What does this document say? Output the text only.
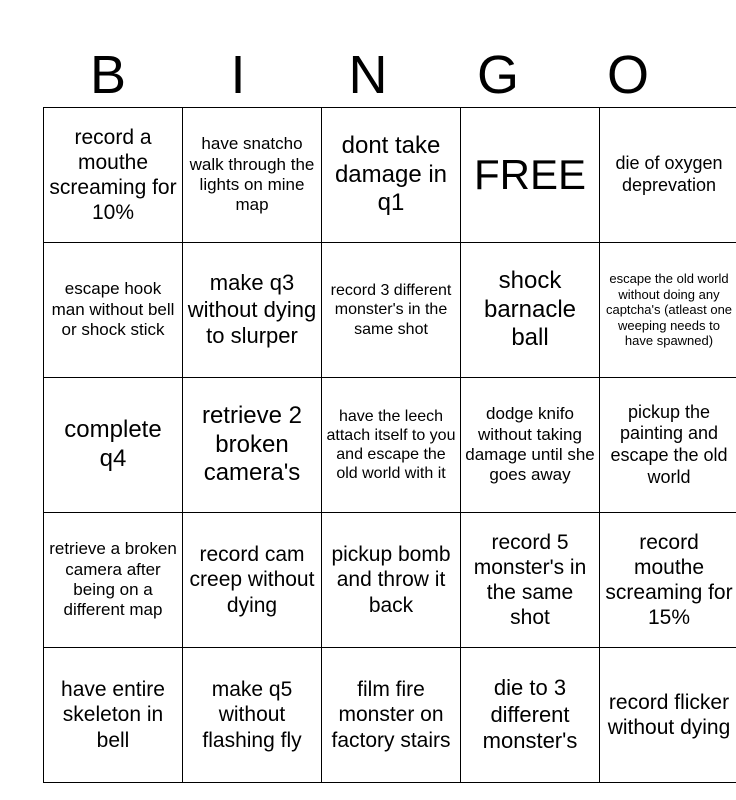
B	I	N	G	O
record a mouthe screaming for 10%	have snatcho walk through the lights on mine map	dont take damage in q1	FREE	die of oxygen deprevation
escape hook man without bell or shock stick	make q3 without dying to slurper	record 3 different monster's in the same shot	shock barnacle ball	escape the old world without doing any captcha's (atleast one weeping needs to have spawned)
complete q4	retrieve 2 broken camera's	have the leech attach itself to you and escape the old world with it	dodge knifo without taking damage until she goes away	pickup the painting and escape the old world
retrieve a broken camera after being on a different map	record cam creep without dying	pickup bomb and throw it back	record 5 monster's in the same shot	record mouthe screaming for 15%
have entire skeleton in bell	make q5 without flashing fly	film fire monster on factory stairs	die to 3 different monster's	record flicker without dying
